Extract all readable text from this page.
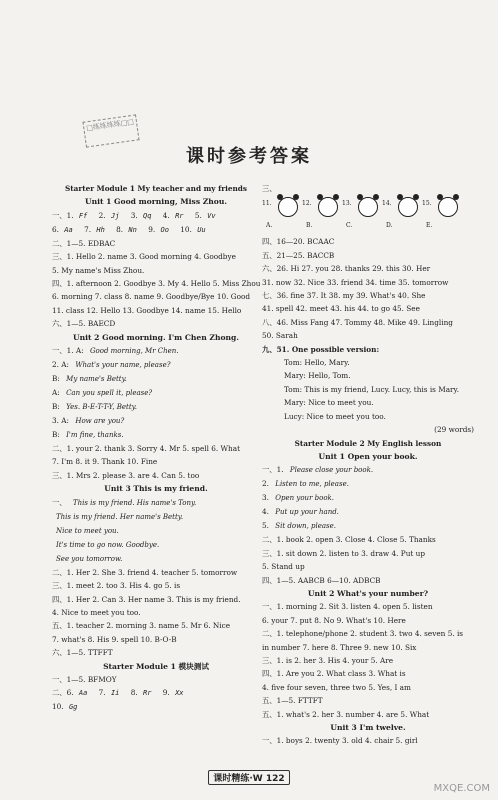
□练练练练□□
课时参考答案
Starter Module 1 My teacher and my friends
Unit 1 Good morning, Miss Zhou.
一、1. Ff 2. Jj 3. Qq 4. Rr 5. Vv
6. Aa 7. Hh 8. Nn 9. Oo 10. Uu
二、1—5. EDBAC
三、1. Hello 2. name 3. Good morning 4. Goodbye
5. My name's Miss Zhou.
四、1. afternoon 2. Goodbye 3. My 4. Hello 5. Miss Zhou
6. morning 7. class 8. name 9. Goodbye/Bye 10. Good
11. class 12. Hello 13. Goodbye 14. name 15. Hello
六、1—5. BAECD
Unit 2 Good morning. I'm Chen Zhong.
一、1. A: Good morning, Mr Chen.
2. A: What's your name, please?
B: My name's Betty.
A: Can you spell it, please?
B: Yes. B-E-T-T-Y, Betty.
3. A: How are you?
B: I'm fine, thanks.
二、1. your 2. thank 3. Sorry 4. Mr 5. spell 6. What
7. I'm 8. it 9. Thank 10. Fine
三、1. Mrs 2. please 3. are 4. Can 5. too
Unit 3 This is my friend.
一、 This is my friend. His name's Tony.
This is my friend. Her name's Betty.
Nice to meet you.
It's time to go now. Goodbye.
See you tomorrow.
二、1. Her 2. She 3. friend 4. teacher 5. tomorrow
三、1. meet 2. too 3. His 4. go 5. is
四、1. Her 2. Can 3. Her name 3. This is my friend.
4. Nice to meet you too.
五、1. teacher 2. morning 3. name 5. Mr 6. Nice
7. what's 8. His 9. spell 10. B-O-B
六、1—5. TTFFT
Starter Module 1 模块测试
一、1—5. BFMOY
二、6. Aa 7. Ii 8. Rr 9. Xx
10. Gg
三、
11.	12.	13.	14.	15.
A.	B.	C.	D.	E.
四、16—20. BCAAC
五、21—25. BACCB
六、26. Hi 27. you 28. thanks 29. this 30. Her
31. now 32. Nice 33. friend 34. time 35. tomorrow
七、36. fine 37. It 38. my 39. What's 40. She
41. spell 42. meet 43. his 44. to go 45. See
八、46. Miss Fang 47. Tommy 48. Mike 49. Lingling
50. Sarah
九、51. One possible version:
Tom: Hello, Mary.
Mary: Hello, Tom.
Tom: This is my friend, Lucy. Lucy, this is Mary.
Mary: Nice to meet you.
Lucy: Nice to meet you too.
(29 words)
Starter Module 2 My English lesson
Unit 1 Open your book.
一、1. Please close your book.
2. Listen to me, please.
3. Open your book.
4. Put up your hand.
5. Sit down, please.
二、1. book 2. open 3. Close 4. Close 5. Thanks
三、1. sit down 2. listen to 3. draw 4. Put up
5. Stand up
四、1—5. AABCB 6—10. ADBCB
Unit 2 What's your number?
一、1. morning 2. Sit 3. listen 4. open 5. listen
6. your 7. put 8. No 9. What's 10. Here
二、1. telephone/phone 2. student 3. two 4. seven 5. is
in number 7. here 8. Three 9. new 10. Six
三、1. is 2. her 3. His 4. your 5. Are
四、1. Are you 2. What class 3. What is
4. five four seven, three two 5. Yes, I am
五、1—5. FTTFT
五、1. what's 2. her 3. number 4. are 5. What
Unit 3 I'm twelve.
一、1. boys 2. twenty 3. old 4. chair 5. girl
课时精练·W 122
MXQE.COM
